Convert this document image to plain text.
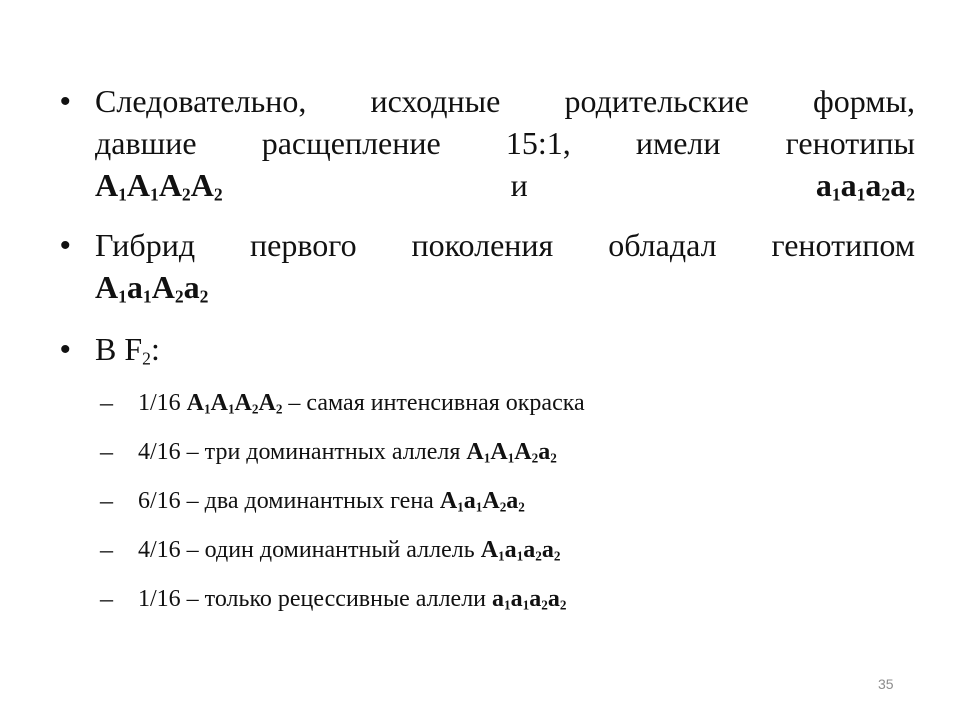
• Следовательно, исходные родительские формы,
давшие расщепление 15:1, имели генотипы
$A_1A_1A_2A_2$ и $a_1a_1a_2a_2$
• Гибрид первого поколения обладал генотипом
$A_1a_1A_2a_2$
• В $F_2$:
– 1/16 $A_1A_1A_2A_2$ – самая интенсивная окраска
– 4/16 – три доминантных аллеля $A_1A_1A_2a_2$
– 6/16 – два доминантных гена $A_1a_1A_2a_2$
– 4/16 – один доминантный аллель $A_1a_1a_2a_2$
– 1/16 – только рецессивные аллели $a_1a_1a_2a_2$
35
